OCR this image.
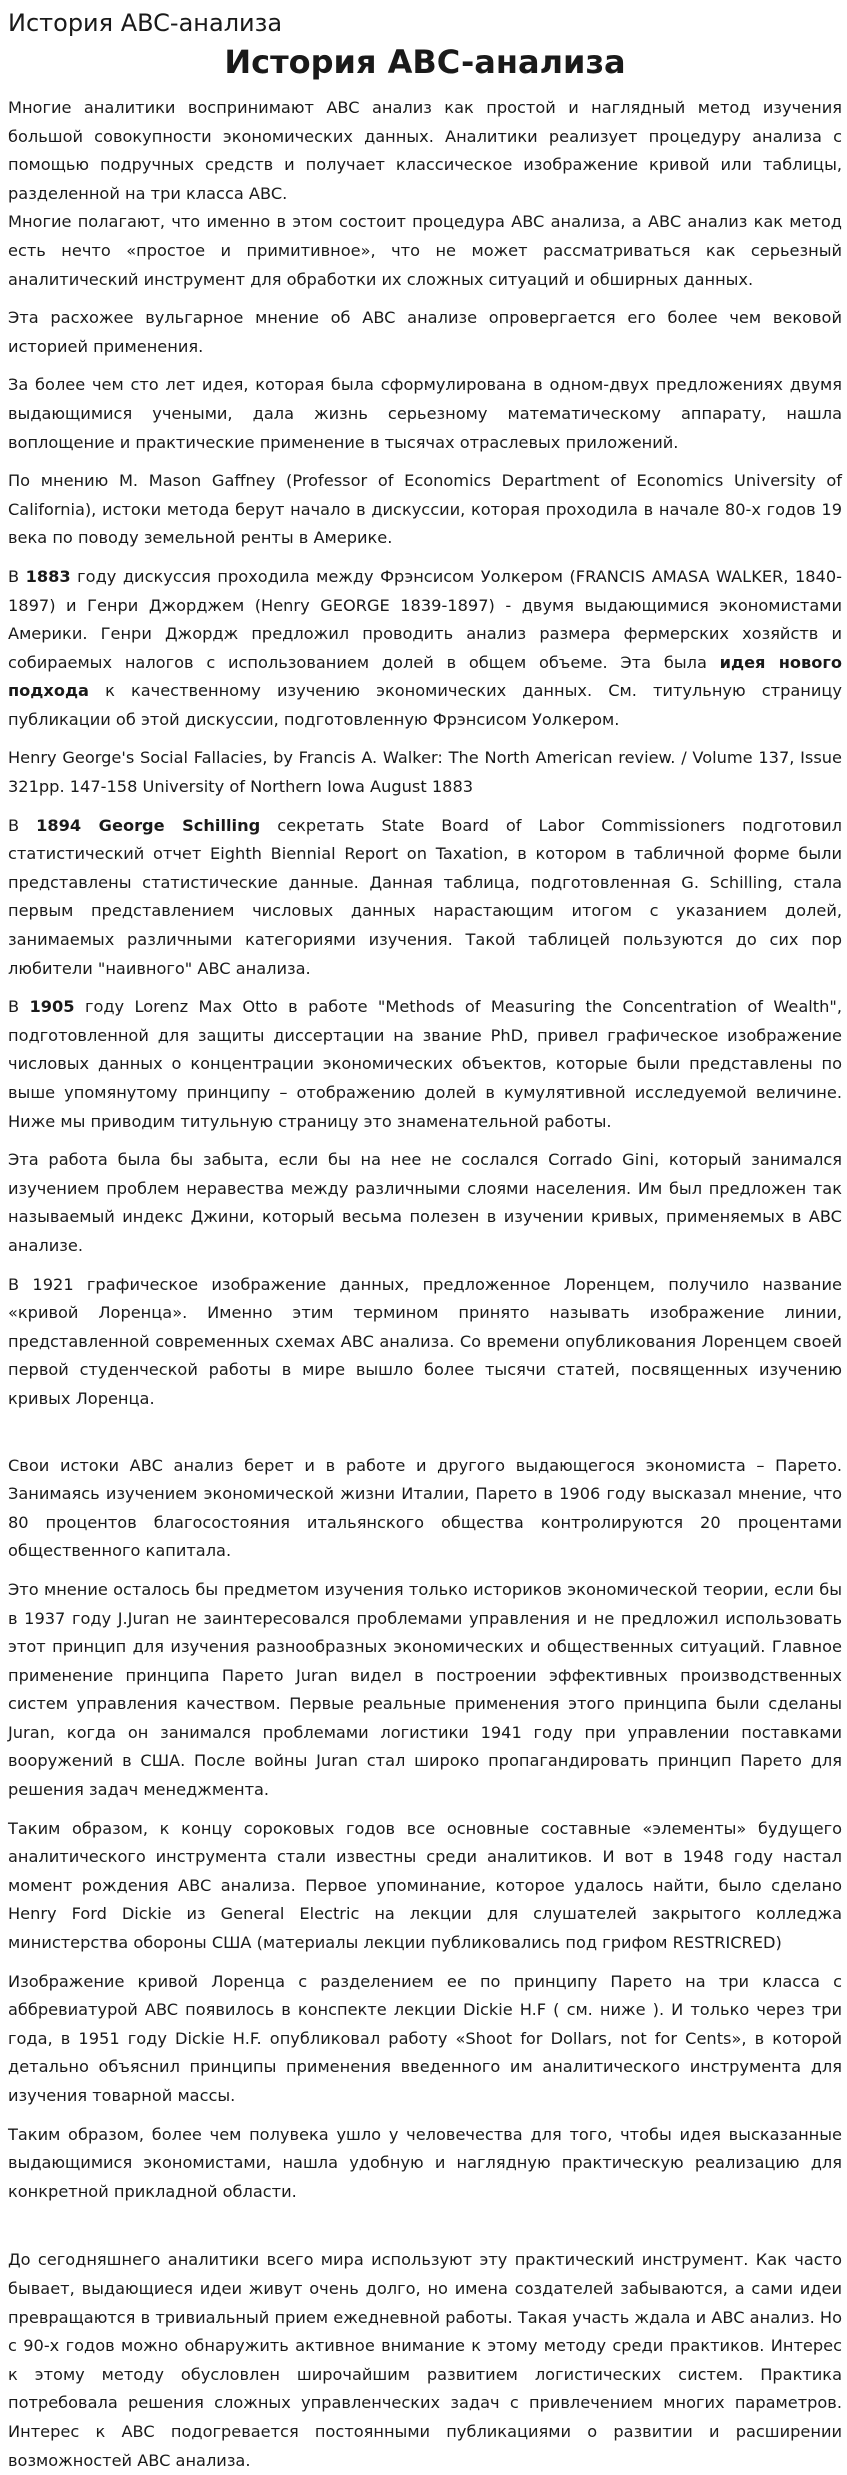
История ABC-анализа
История ABC-анализа

Многие аналитики воспринимают ABC анализ как простой и наглядный метод изучения большой совокупности экономических данных. Аналитики реализует процедуру анализа с помощью подручных средств и получает классическое изображение кривой или таблицы, разделенной на три класса ABC.

Многие полагают, что именно в этом состоит процедура ABC анализа, а ABC анализ как метод есть нечто «простое и примитивное», что не может рассматриваться как серьезный аналитический инструмент для обработки их сложных ситуаций и обширных данных.

Эта расхожее вульгарное мнение об ABC анализе опровергается его более чем вековой историей применения.

За более чем сто лет идея, которая была сформулирована в одном-двух предложениях двумя выдающимися учеными, дала жизнь серьезному математическому аппарату, нашла воплощение и практические применение в тысячах отраслевых приложений.

По мнению M. Mason Gaffney (Professor of Economics Department of Economics University of California), истоки метода берут начало в дискуссии, которая проходила в начале 80-х годов 19 века по поводу земельной ренты в Америке.

В 1883 году дискуссия проходила между Фрэнсисом Уолкером (FRANCIS AMASA WALKER, 1840-1897) и Генри Джорджем (Henry GEORGE 1839-1897) - двумя выдающимися экономистами Америки. Генри Джордж предложил проводить анализ размера фермерских хозяйств и собираемых налогов с использованием долей в общем объеме. Эта была идея нового подхода к качественному изучению экономических данных. См. титульную страницу публикации об этой дискуссии, подготовленную Фрэнсисом Уолкером.

Henry George's Social Fallacies, by Francis A. Walker: The North American review. / Volume 137, Issue 321pp. 147-158 University of Northern Iowa August 1883

В 1894 George Schilling секретать State Board of Labor Commissioners подготовил статистический отчет Eighth Biennial Report on Taxation, в котором в табличной форме были представлены статистические данные. Данная таблица, подготовленная G. Schilling, стала первым представлением числовых данных нарастающим итогом с указанием долей, занимаемых различными категориями изучения. Такой таблицей пользуются до сих пор любители "наивного" ABC анализа.

В 1905 году Lorenz Max Otto в работе "Methods of Measuring the Concentration of Wealth", подготовленной для защиты диссертации на звание PhD, привел графическое изображение числовых данных о концентрации экономических объектов, которые были представлены по выше упомянутому принципу – отображению долей в кумулятивной исследуемой величине. Ниже мы приводим титульную страницу это знаменательной работы.

Эта работа была бы забыта, если бы на нее не сослался Corrado Gini, который занимался изучением проблем неравества между различными слоями населения. Им был предложен так называемый индекс Джини, который весьма полезен в изучении кривых, применяемых в ABC анализе.

В 1921 графическое изображение данных, предложенное Лоренцем, получило название «кривой Лоренца». Именно этим термином принято называть изображение линии, представленной современных схемах ABC анализа. Со времени опубликования Лоренцем своей первой студенческой работы в мире вышло более тысячи статей, посвященных изучению кривых Лоренца.

Свои истоки ABC анализ берет и в работе и другого выдающегося экономиста – Парето. Занимаясь изучением экономической жизни Италии, Парето в 1906 году высказал мнение, что 80 процентов благосостояния итальянского общества контролируются 20 процентами общественного капитала.

Это мнение осталось бы предметом изучения только историков экономической теории, если бы в 1937 году J.Juran не заинтересовался проблемами управления и не предложил использовать этот принцип для изучения разнообразных экономических и общественных ситуаций. Главное применение принципа Парето Juran видел в построении эффективных производственных систем управления качеством. Первые реальные применения этого принципа были сделаны Juran, когда он занимался проблемами логистики 1941 году при управлении поставками вооружений в США. После войны Juran стал широко пропагандировать принцип Парето для решения задач менеджмента.

Таким образом, к концу сороковых годов все основные составные «элементы» будущего аналитического инструмента стали известны среди аналитиков. И вот в 1948 году настал момент рождения ABC анализа. Первое упоминание, которое удалось найти, было сделано Henry Ford Dickie из General Electric на лекции для слушателей закрытого колледжа министерства обороны США (материалы лекции публиковались под грифом RESTRICRED)

Изображение кривой Лоренца с разделением ее по принципу Парето на три класса с аббревиатурой ABC появилось в конспекте лекции Dickie H.F ( см. ниже ). И только через три года, в 1951 году Dickie H.F. опубликовал работу «Shoot for Dollars, not for Cents», в которой детально объяснил принципы применения введенного им аналитического инструмента для изучения товарной массы.

Таким образом, более чем полувека ушло у человечества для того, чтобы идея высказанные выдающимися экономистами, нашла удобную и наглядную практическую реализацию для конкретной прикладной области.

До сегодняшнего аналитики всего мира используют эту практический инструмент. Как часто бывает, выдающиеся идеи живут очень долго, но имена создателей забываются, а сами идеи превращаются в тривиальный прием ежедневной работы. Такая участь ждала и ABC анализ. Но с 90-х годов можно обнаружить активное внимание к этому методу среди практиков. Интерес к этому методу обусловлен широчайшим развитием логистических систем. Практика потребовала решения сложных управленческих задач с привлечением многих параметров. Интерес к ABC подогревается постоянными публикациями о развитии и расширении возможностей ABC анализа.
